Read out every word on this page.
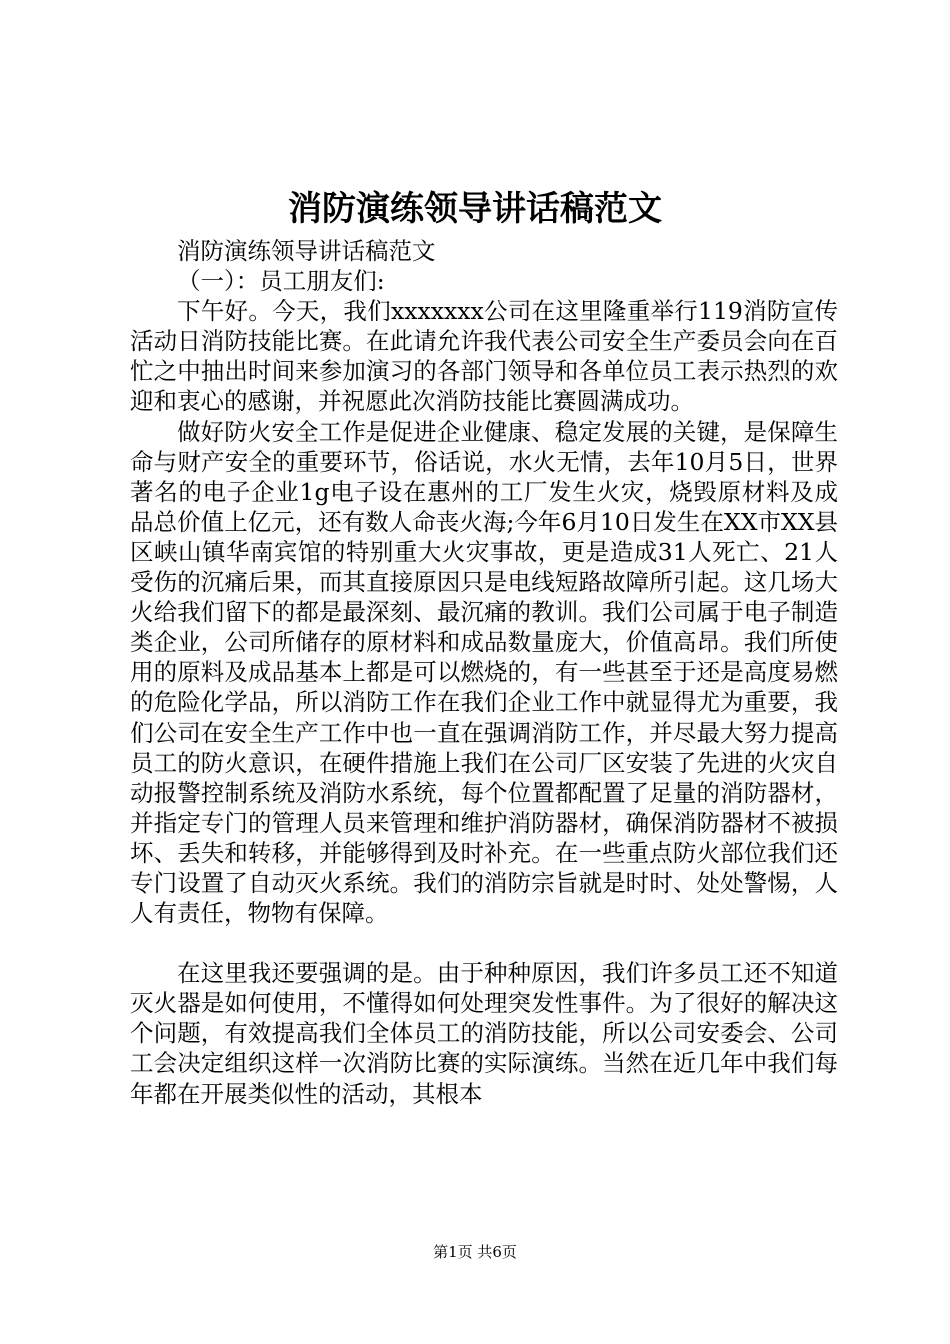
消防演练领导讲话稿范文

消防演练领导讲话稿范文

（一）：员工朋友们:

下午好。今天，我们xxxxxxx公司在这里隆重举行119消防宣传活动日消防技能比赛。在此请允许我代表公司安全生产委员会向在百忙之中抽出时间来参加演习的各部门领导和各单位员工表示热烈的欢迎和衷心的感谢，并祝愿此次消防技能比赛圆满成功。

做好防火安全工作是促进企业健康、稳定发展的关键，是保障生命与财产安全的重要环节，俗话说，水火无情，去年10月5日，世界著名的电子企业1g电子设在惠州的工厂发生火灾，烧毁原材料及成品总价值上亿元，还有数人命丧火海;今年6月10日发生在XX市XX县区峡山镇华南宾馆的特别重大火灾事故，更是造成31人死亡、21人受伤的沉痛后果，而其直接原因只是电线短路故障所引起。这几场大火给我们留下的都是最深刻、最沉痛的教训。我们公司属于电子制造类企业，公司所储存的原材料和成品数量庞大，价值高昂。我们所使用的原料及成品基本上都是可以燃烧的，有一些甚至于还是高度易燃的危险化学品，所以消防工作在我们企业工作中就显得尤为重要，我们公司在安全生产工作中也一直在强调消防工作，并尽最大努力提高员工的防火意识，在硬件措施上我们在公司厂区安装了先进的火灾自动报警控制系统及消防水系统，每个位置都配置了足量的消防器材，并指定专门的管理人员来管理和维护消防器材，确保消防器材不被损坏、丢失和转移，并能够得到及时补充。在一些重点防火部位我们还专门设置了自动灭火系统。我们的消防宗旨就是时时、处处警惕，人人有责任，物物有保障。

在这里我还要强调的是。由于种种原因，我们许多员工还不知道灭火器是如何使用，不懂得如何处理突发性事件。为了很好的解决这个问题，有效提高我们全体员工的消防技能，所以公司安委会、公司工会决定组织这样一次消防比赛的实际演练。当然在近几年中我们每年都在开展类似性的活动，其根本

第1页 共6页
